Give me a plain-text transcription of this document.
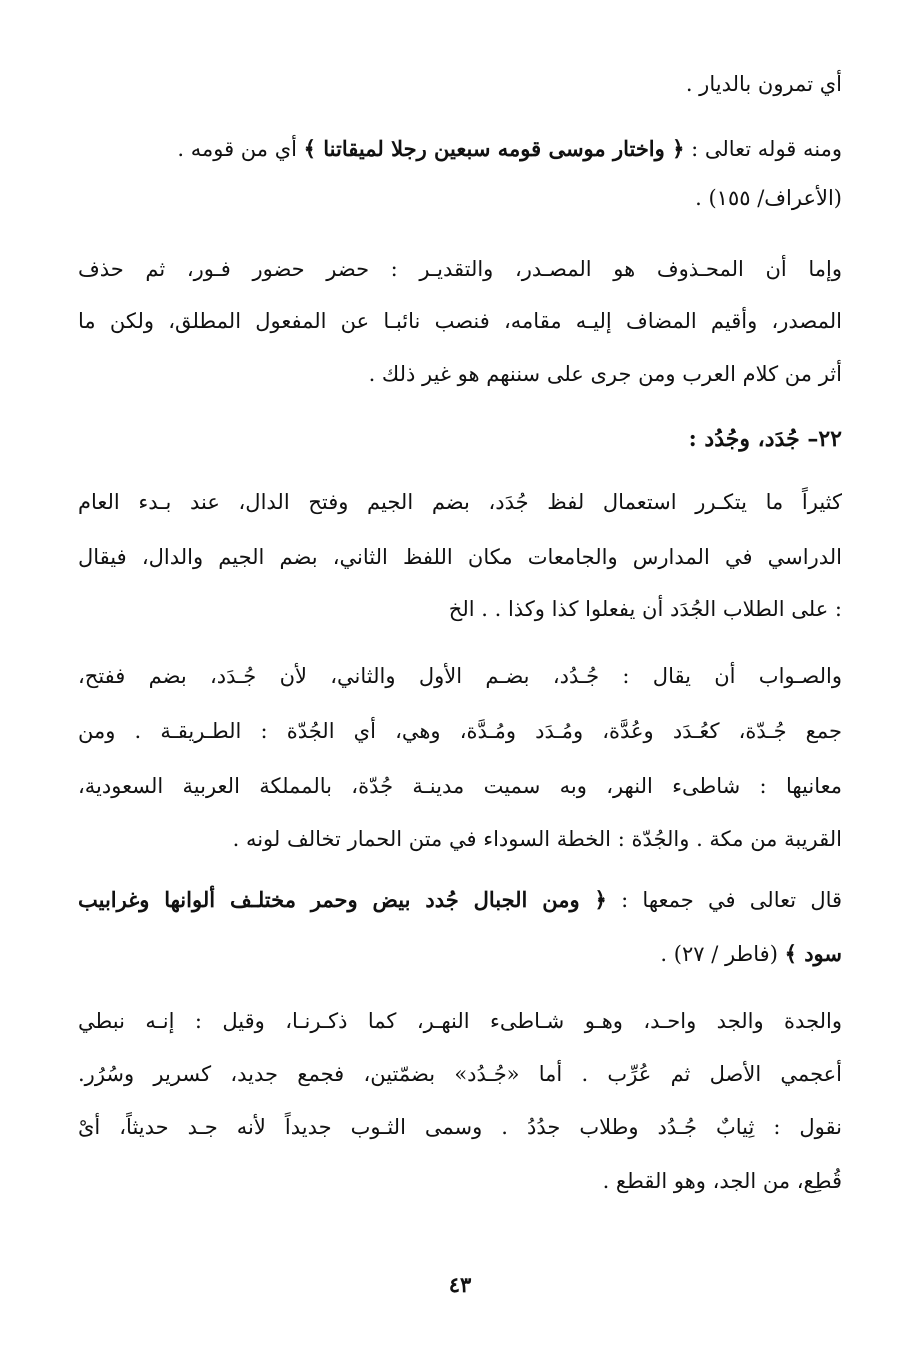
أي تمرون بالديار .

ومنه قوله تعالى : ﴿ واختار موسى قومه سبعين رجلا لميقاتنا ﴾ أي من قومه .

(الأعراف/ ١٥٥) .

وإما أن المحـذوف هو المصـدر، والتقديـر : حضر حضور فـور، ثم حذف

المصدر، وأقيم المضاف إليـه مقامه، فنصب نائبـا عن المفعول المطلق، ولكن ما

أثر من كلام العرب ومن جرى على سننهم هو غير ذلك .

٢٢– جُدَد، وجُدُد :

كثيراً ما يتكـرر استعمال لفظ جُدَد، بضم الجيم وفتح الدال، عند بـدء العام

الدراسي في المدارس والجامعات مكان اللفظ الثاني، بضم الجيم والدال، فيقال

: على الطلاب الجُدَد أن يفعلوا كذا وكذا . . الخ

والصـواب أن يقال : جُـدُد، بضـم الأول والثاني، لأن جُـدَد، بضم ففتح،

جمع جُـدّة، كعُـدَد وعُدَّة، ومُـدَد ومُـدَّة، وهي، أي الجُدّة : الطـريقـة . ومن

معانيها : شاطىء النهر، وبه سميت مدينـة جُدّة، بالمملكة العربية السعودية،

القريبة من مكة . والجُدّة : الخطة السوداء في متن الحمار تخالف لونه .

قال تعالى في جمعها : ﴿ ومن الجبال جُدد بيض وحمر مختلـف ألوانها وغرابيب

سود ﴾ (فاطر / ٢٧) .

والجدة والجد واحـد، وهـو شـاطىء النهـر، كما ذكـرنـا، وقيل : إنـه نبطي

أعجمي الأصل ثم عُرِّب . أما «جُـدُد» بضمّتين، فجمع جديد، كسرير وسُرُر.

نقول : ثِيابٌ جُـدُد وطلاب جدُدُ . وسمى الثـوب جديداً لأنه جـد حديثاً، أىْ

قُطِع، من الجد، وهو القطع .

٤٣
